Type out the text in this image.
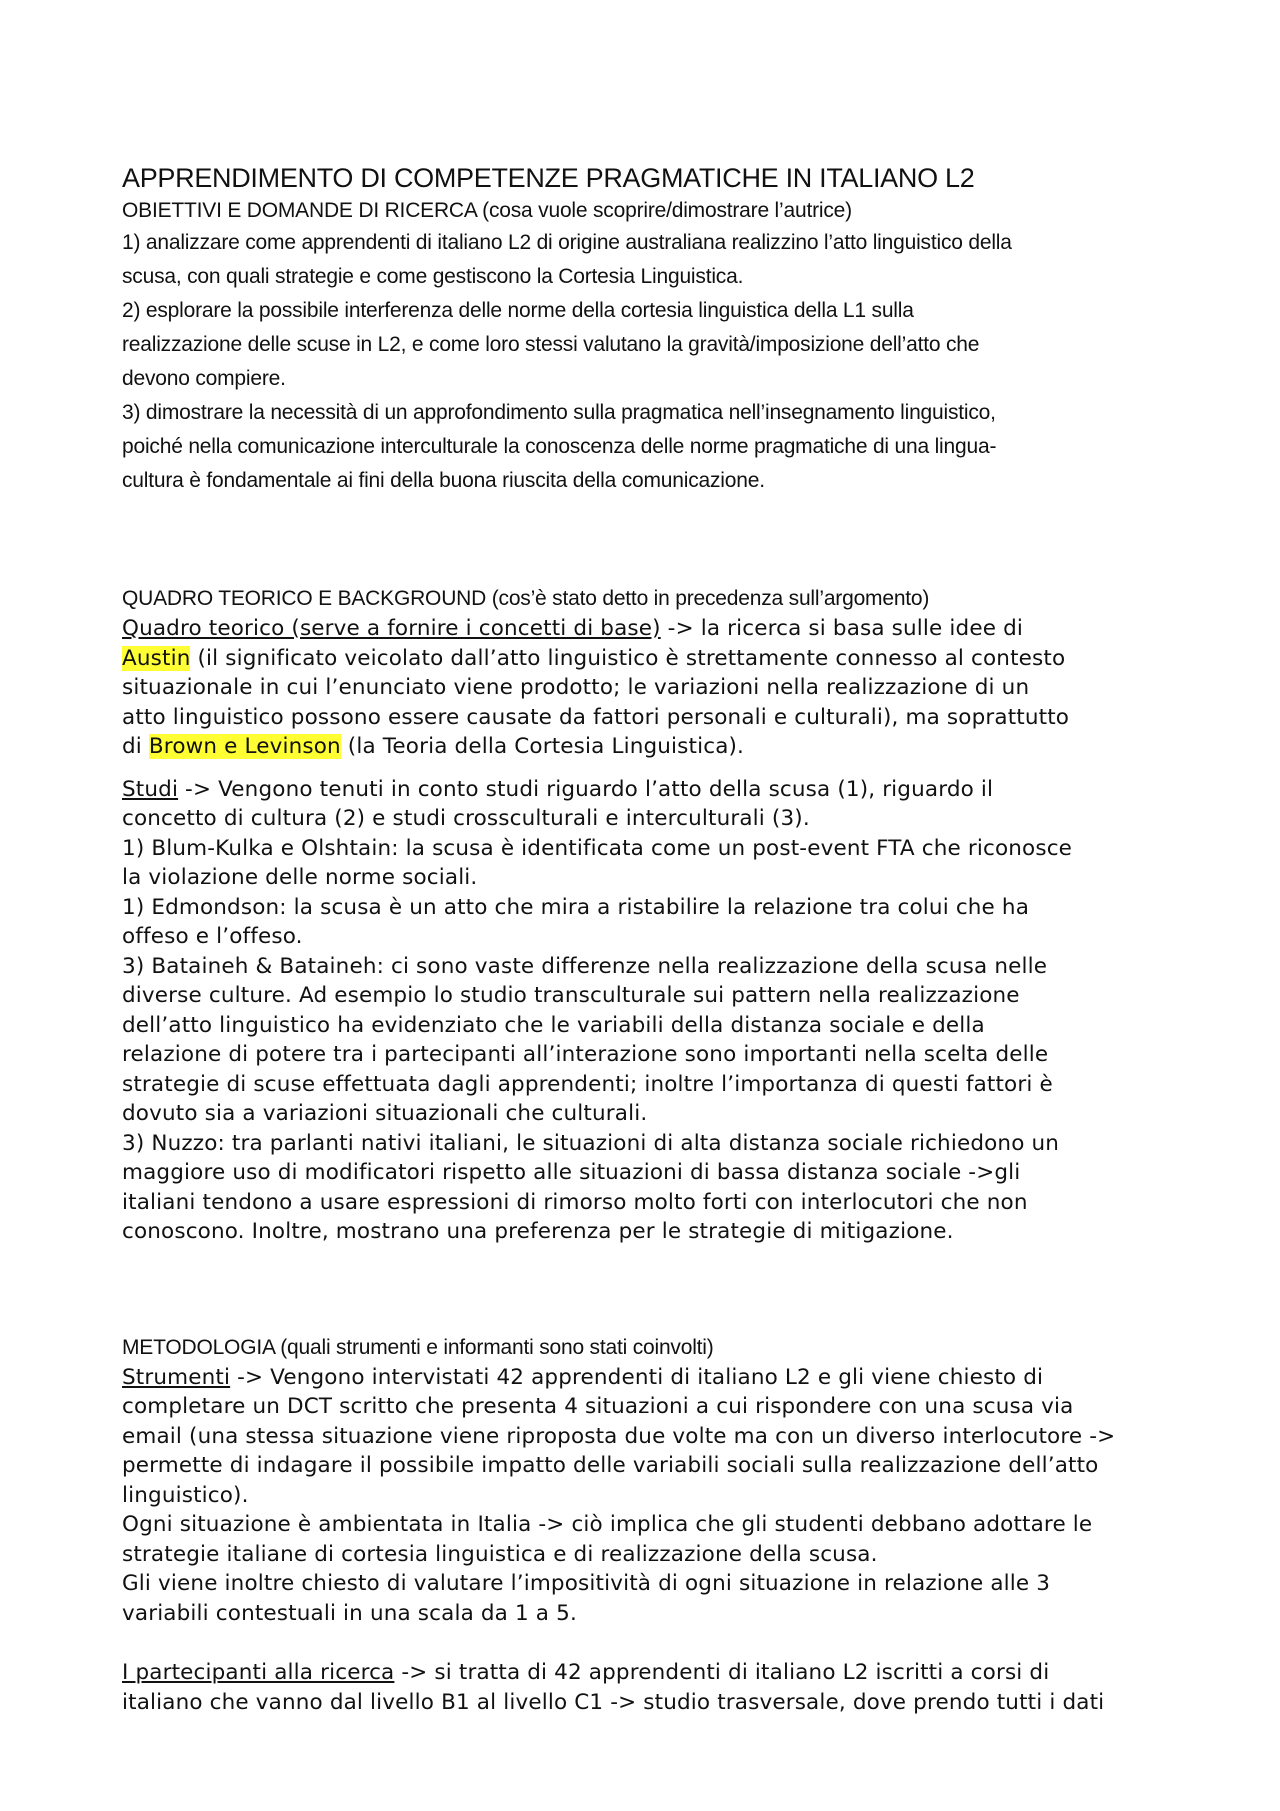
APPRENDIMENTO DI COMPETENZE PRAGMATICHE IN ITALIANO L2

OBIETTIVI E DOMANDE DI RICERCA (cosa vuole scoprire/dimostrare l’autrice)

1) analizzare come apprendenti di italiano L2 di origine australiana realizzino l’atto linguistico della
scusa, con quali strategie e come gestiscono la Cortesia Linguistica.
2) esplorare la possibile interferenza delle norme della cortesia linguistica della L1 sulla
realizzazione delle scuse in L2, e come loro stessi valutano la gravità/imposizione dell’atto che
devono compiere.
3) dimostrare la necessità di un approfondimento sulla pragmatica nell’insegnamento linguistico,
poiché nella comunicazione interculturale la conoscenza delle norme pragmatiche di una lingua-
cultura è fondamentale ai fini della buona riuscita della comunicazione.

QUADRO TEORICO E BACKGROUND (cos’è stato detto in precedenza sull’argomento)

Quadro teorico (serve a fornire i concetti di base) -> la ricerca si basa sulle idee di
Austin (il significato veicolato dall’atto linguistico è strettamente connesso al contesto
situazionale in cui l’enunciato viene prodotto; le variazioni nella realizzazione di un
atto linguistico possono essere causate da fattori personali e culturali), ma soprattutto
di Brown e Levinson (la Teoria della Cortesia Linguistica).

Studi -> Vengono tenuti in conto studi riguardo l’atto della scusa (1), riguardo il
concetto di cultura (2) e studi crossculturali e interculturali (3).
1) Blum-Kulka e Olshtain: la scusa è identificata come un post-event FTA che riconosce
la violazione delle norme sociali.
1) Edmondson: la scusa è un atto che mira a ristabilire la relazione tra colui che ha
offeso e l’offeso.
3) Bataineh & Bataineh: ci sono vaste differenze nella realizzazione della scusa nelle
diverse culture. Ad esempio lo studio transculturale sui pattern nella realizzazione
dell’atto linguistico ha evidenziato che le variabili della distanza sociale e della
relazione di potere tra i partecipanti all’interazione sono importanti nella scelta delle
strategie di scuse effettuata dagli apprendenti; inoltre l’importanza di questi fattori è
dovuto sia a variazioni situazionali che culturali.
3) Nuzzo: tra parlanti nativi italiani, le situazioni di alta distanza sociale richiedono un
maggiore uso di modificatori rispetto alle situazioni di bassa distanza sociale ->gli
italiani tendono a usare espressioni di rimorso molto forti con interlocutori che non
conoscono. Inoltre, mostrano una preferenza per le strategie di mitigazione.

METODOLOGIA (quali strumenti e informanti sono stati coinvolti)

Strumenti -> Vengono intervistati 42 apprendenti di italiano L2 e gli viene chiesto di
completare un DCT scritto che presenta 4 situazioni a cui rispondere con una scusa via
email (una stessa situazione viene riproposta due volte ma con un diverso interlocutore ->
permette di indagare il possibile impatto delle variabili sociali sulla realizzazione dell’atto
linguistico).
Ogni situazione è ambientata in Italia -> ciò implica che gli studenti debbano adottare le
strategie italiane di cortesia linguistica e di realizzazione della scusa.
Gli viene inoltre chiesto di valutare l’impositività di ogni situazione in relazione alle 3
variabili contestuali in una scala da 1 a 5.

I partecipanti alla ricerca -> si tratta di 42 apprendenti di italiano L2 iscritti a corsi di
italiano che vanno dal livello B1 al livello C1 -> studio trasversale, dove prendo tutti i dati
